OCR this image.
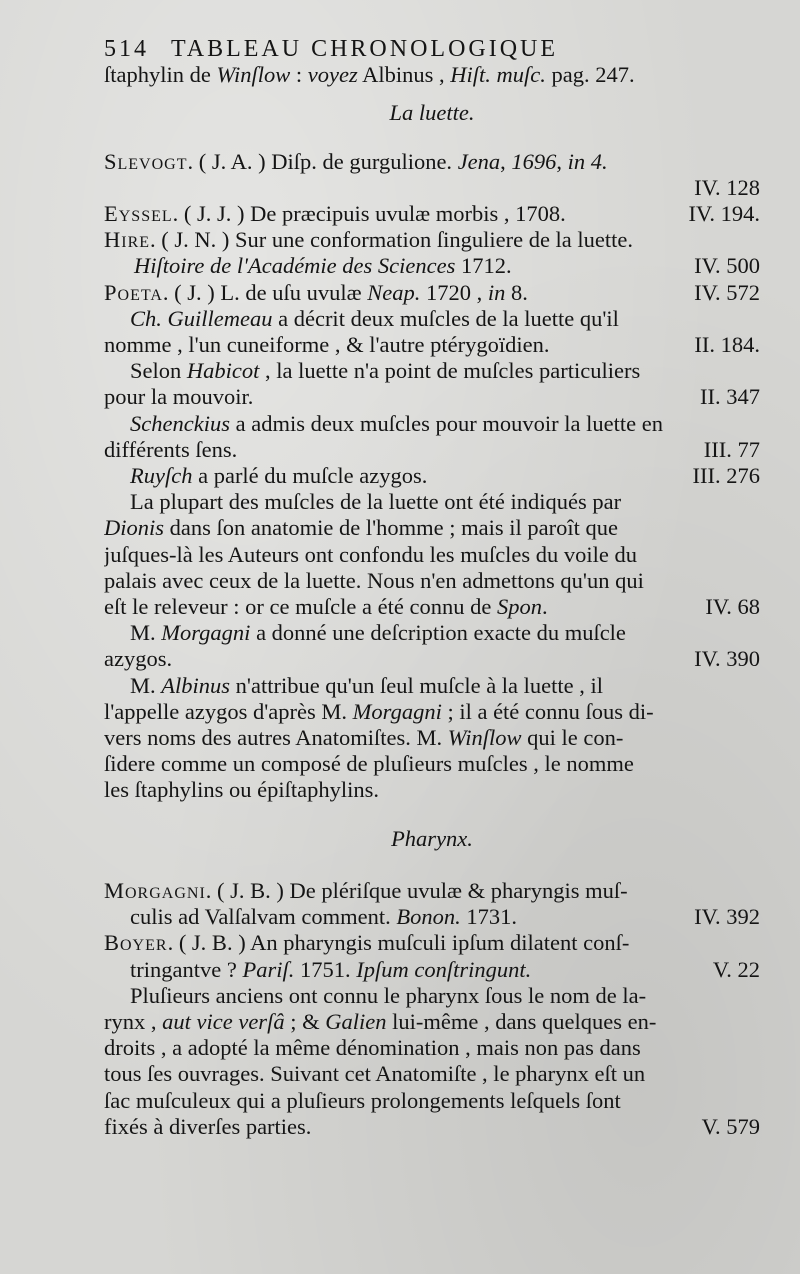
514 TABLEAU CHRONOLOGIQUE
ſtaphylin de Winſlow : voyez Albinus , Hiſt. muſc. pag. 247.
La luette.
Slevogt. ( J. A. ) Diſp. de gurgulione. Jena, 1696, in 4.
IV. 128
Eyssel. ( J. J. ) De præcipuis uvulæ morbis , 1708.	IV. 194.
Hire. ( J. N. ) Sur une conformation ſinguliere de la luette.
Hiſtoire de l'Académie des Sciences 1712.	IV. 500
Poeta. ( J. ) L. de uſu uvulæ Neap. 1720 , in 8.	IV. 572
Ch. Guillemeau a décrit deux muſcles de la luette qu'il
nomme , l'un cuneiforme , & l'autre ptérygoïdien.	II. 184.
Selon Habicot , la luette n'a point de muſcles particuliers
pour la mouvoir.	II. 347
Schenckius a admis deux muſcles pour mouvoir la luette en
différents ſens.	III. 77
Ruyſch a parlé du muſcle azygos.	III. 276
La plupart des muſcles de la luette ont été indiqués par
Dionis dans ſon anatomie de l'homme ; mais il paroît que
juſques-là les Auteurs ont confondu les muſcles du voile du
palais avec ceux de la luette. Nous n'en admettons qu'un qui
eſt le releveur : or ce muſcle a été connu de Spon.	IV. 68
M. Morgagni a donné une deſcription exacte du muſcle
azygos.	IV. 390
M. Albinus n'attribue qu'un ſeul muſcle à la luette , il
l'appelle azygos d'après M. Morgagni ; il a été connu ſous di-
vers noms des autres Anatomiſtes. M. Winſlow qui le con-
ſidere comme un composé de pluſieurs muſcles , le nomme
les ſtaphylins ou épiſtaphylins.
Pharynx.
Morgagni. ( J. B. ) De plériſque uvulæ & pharyngis muſ-
culis ad Valſalvam comment. Bonon. 1731.	IV. 392
Boyer. ( J. B. ) An pharyngis muſculi ipſum dilatent conſ-
tringantve ? Pariſ. 1751. Ipſum conſtringunt.	V. 22
Pluſieurs anciens ont connu le pharynx ſous le nom de la-
rynx , aut vice verſâ ; & Galien lui-même , dans quelques en-
droits , a adopté la même dénomination , mais non pas dans
tous ſes ouvrages. Suivant cet Anatomiſte , le pharynx eſt un
ſac muſculeux qui a pluſieurs prolongements leſquels ſont
fixés à diverſes parties.	V. 579
